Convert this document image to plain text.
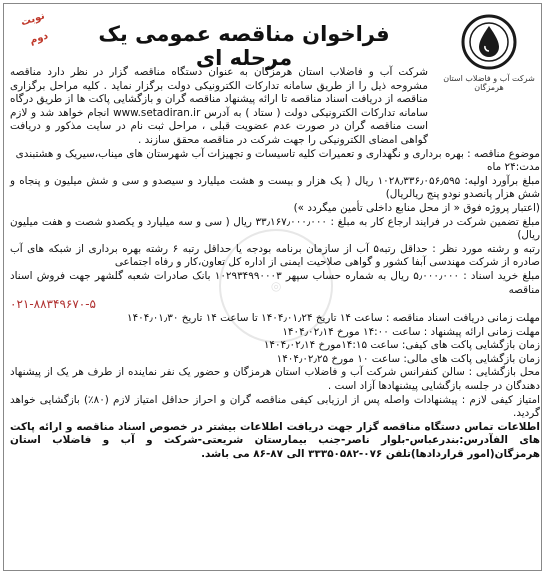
نوبت دوم	فراخوان مناقصه عمومی یک مرحله ای
شرکت آب و فاضلاب استان هرمزگان
◎

شرکت آب و فاضلاب استان هرمزگان به عنوان دستگاه مناقصه گزار در نظر دارد مناقصه مشروحه ذیل را از طریق سامانه تدارکات الکترونیکی دولت برگزار نماید . کلیه مراحل برگزاری مناقصه از دریافت اسناد مناقصه تا ارائه پیشنهاد مناقصه گران و بازگشایی پاکت ها از طریق درگاه سامانه تدارکات الکترونیکی دولت ( ستاد ) به آدرس www.setadiran.ir انجام خواهد شد و لازم است مناقصه گران در صورت عدم عضویت قبلی ، مراحل ثبت نام در سایت مذکور و دریافت گواهی امضای الکترونیکی را جهت شرکت در مناقصه محقق سازند .

موضوع مناقصه : بهره برداری و نگهداری و تعمیرات کلیه تاسیسات و تجهیزات آب شهرستان های میناب،سیریک و هشتبندی

مدت:۲۴ ماه

مبلغ برآورد اولیه: ۱۰۲۸٫۳۳۶٫۰۵۶٫۵۹۵ ریال ( یک هزار و بیست و هشت میلیارد و سیصدو و سی و شش میلیون و پنجاه و شش هزار پانصدو نودو پنج ریالریال)

(اعتبار پروژه فوق « از محل منابع داخلی تأمین میگردد »)

مبلغ تضمین شرکت در فرایند ارجاع کار به مبلغ : ۳۳٫۱۶۷٫۰۰۰٫۰۰۰ ریال ( سی و سه میلیارد و یکصدو شصت و هفت میلیون ریال)

رتبه و رشته مورد نظر : حداقل رتبه۵ آب از سازمان برنامه بودجه یا حداقل رتبه ۶ رشته بهره برداری از شبکه های آب صادره از شرکت مهندسی آبفا کشور و گواهی صلاحیت ایمنی از اداره کل تعاون،کار و رفاه اجتماعی

مبلغ خرید اسناد : ۵٫۰۰۰٫۰۰۰ ریال به شماره حساب سپهر ۱۰۲۹۳۴۹۹۰۰۰۳ بانک صادرات شعبه گلشهر جهت فروش اسناد مناقصه

۰۲۱-۸۸۳۴۹۶۷۰-۵

مهلت زمانی دریافت اسناد مناقصه : ساعت ۱۴ تاریخ ۱۴۰۴٫۰۱٫۲۴ تا ساعت ۱۴ تاریخ ۱۴۰۴٫۰۱٫۳۰

مهلت زمانی ارائه پیشنهاد : ساعت ۱۴:۰۰ مورخ ۱۴۰۴٫۰۲٫۱۴

زمان بازگشایی پاکت های کیفی: ساعت ۱۴:۱۵مورخ ۱۴۰۴٫۰۲٫۱۴

زمان بازگشایی پاکت های مالی: ساعت ۱۰ مورخ ۱۴۰۴٫۰۲٫۲۵

محل بازگشایی : سالن کنفرانس شرکت آب و فاضلاب استان هرمزگان و حضور یک نفر نماینده از طرف هر یک از پیشنهاد دهندگان در جلسه بازگشایی پیشنهادها آزاد است .

امتیاز کیفی لازم : پیشنهادات واصله پس از ارزیابی کیفی مناقصه گران و احراز حداقل امتیاز لازم (۸۰٪) بازگشایی خواهد گردید.

اطلاعات تماس دستگاه مناقصه گزار جهت دریافت اطلاعات بیشتر در خصوص اسناد مناقصه و ارائه پاکت های الفآدرس:بندرعباس-بلوار ناصر-جنب بیمارستان شریعتی-شرکت و آب و فاضلاب استان هرمزگان(امور قراردادها)تلفن ۰۷۶-۳۳۳۵۰۵۸۲ الی ۸۷-۸۶ می باشد.
